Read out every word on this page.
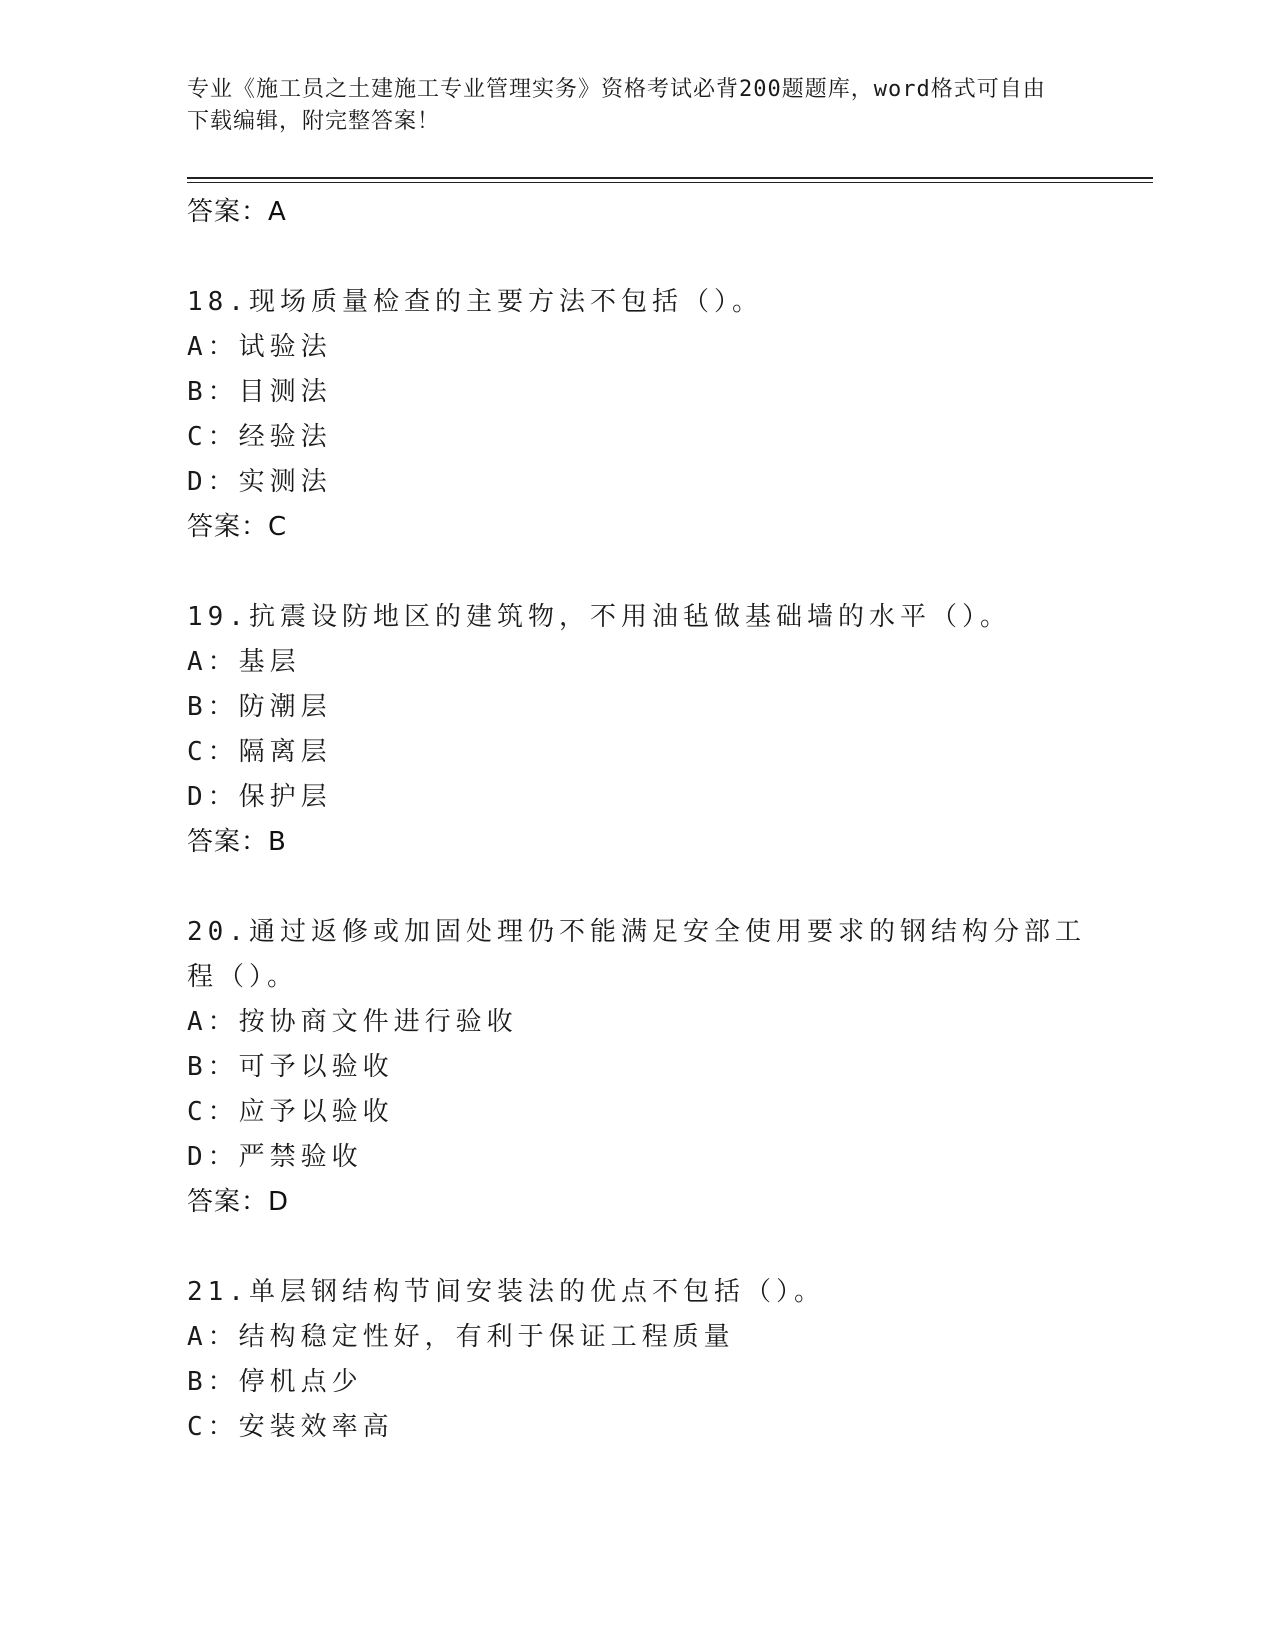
专业《施工员之土建施工专业管理实务》资格考试必背200题题库，word格式可自由下载编辑，附完整答案！
答案：A
18.现场质量检查的主要方法不包括（）。
A：试验法
B：目测法
C：经验法
D：实测法
答案：C
19.抗震设防地区的建筑物，不用油毡做基础墙的水平（）。
A：基层
B：防潮层
C：隔离层
D：保护层
答案：B
20.通过返修或加固处理仍不能满足安全使用要求的钢结构分部工程（）。
A：按协商文件进行验收
B：可予以验收
C：应予以验收
D：严禁验收
答案：D
21.单层钢结构节间安装法的优点不包括（）。
A：结构稳定性好，有利于保证工程质量
B：停机点少
C：安装效率高
